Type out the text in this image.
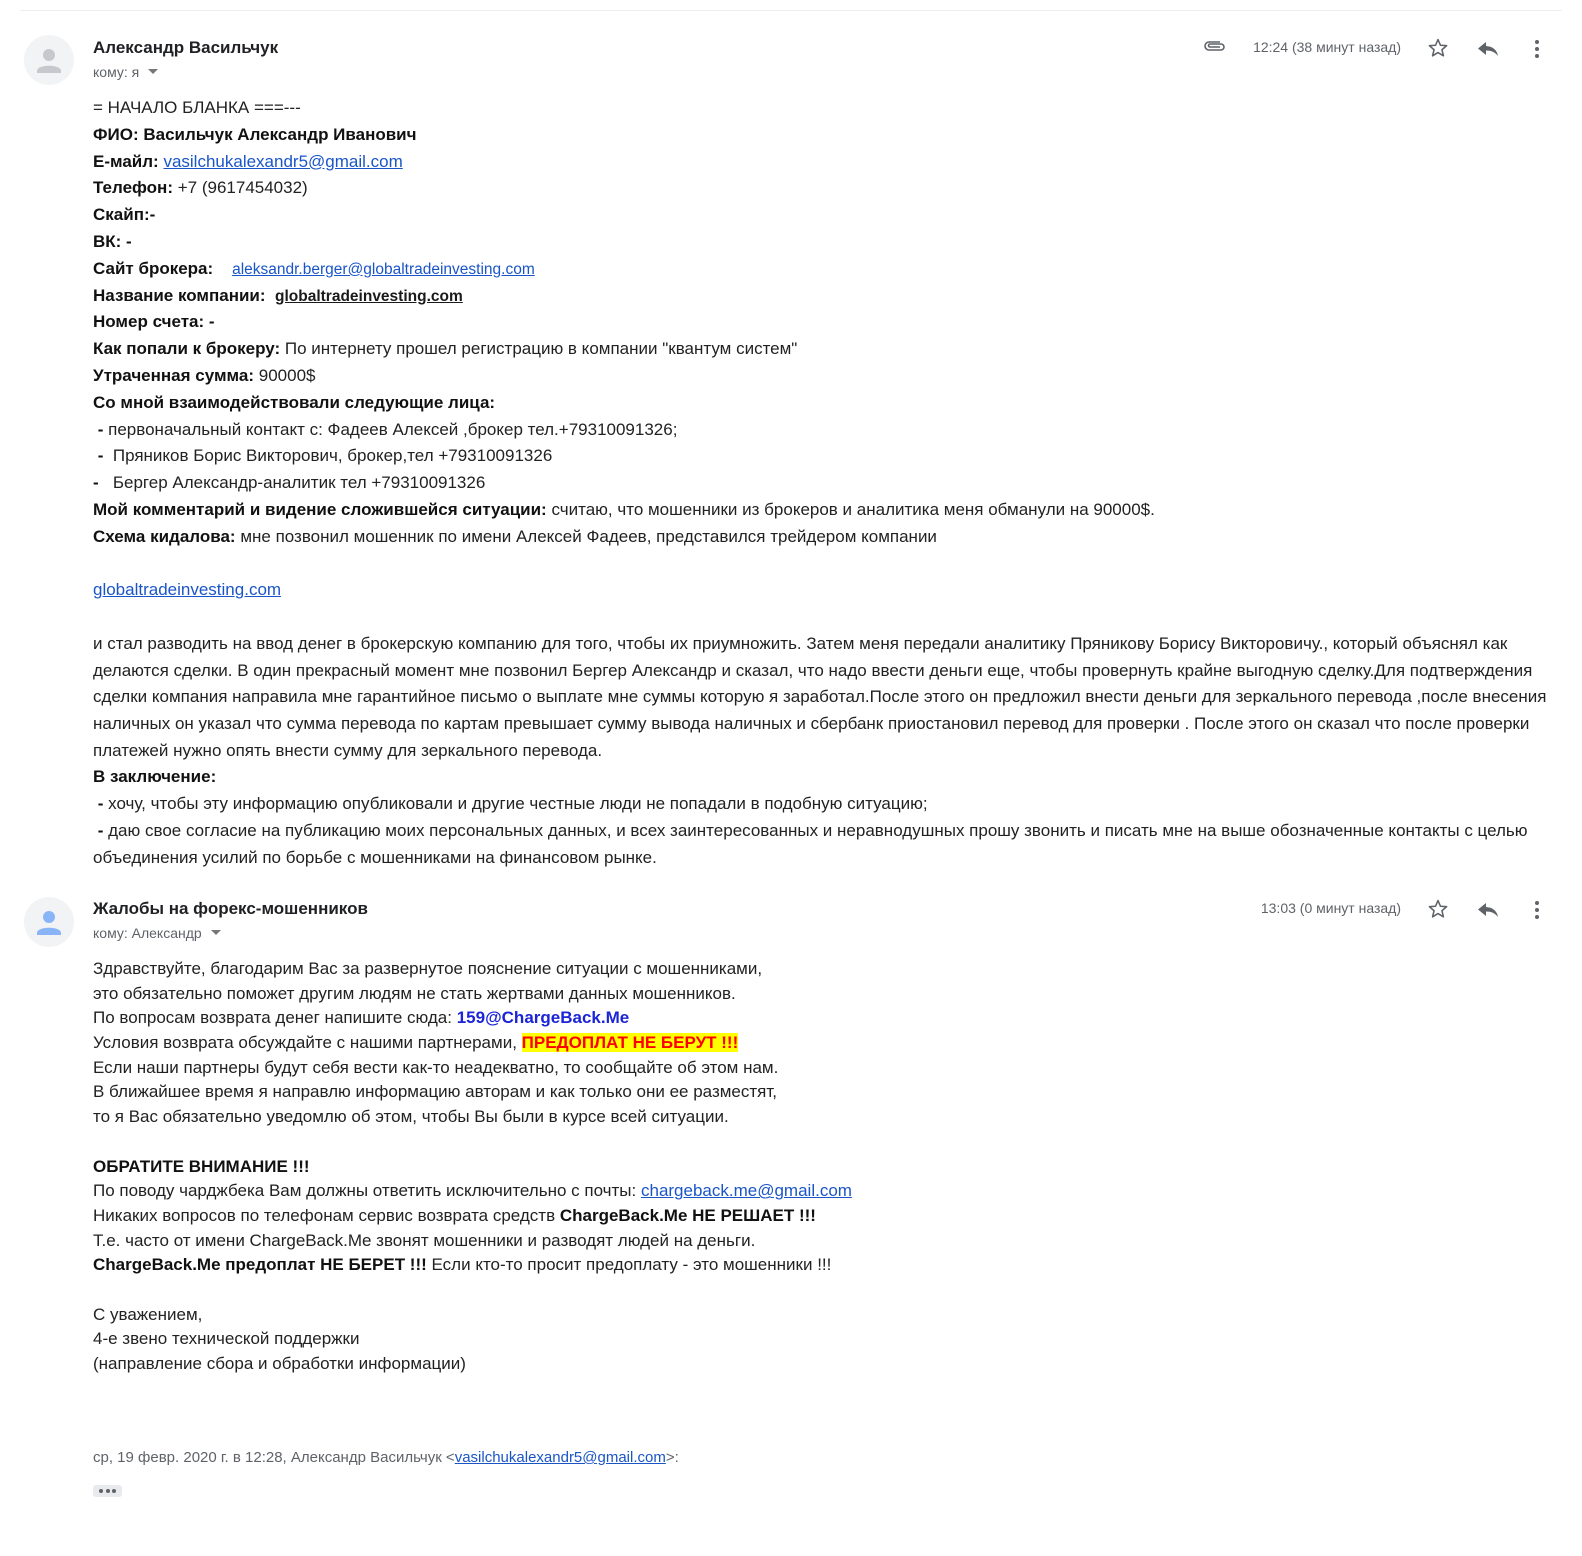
Александр Васильчук
кому: я
12:24 (38 минут назад)
= НАЧАЛО БЛАНКА ===---
ФИО: Васильчук Александр Иванович
Е-майл: vasilchukalexandr5@gmail.com
Телефон: +7 (9617454032)
Скайп:-
ВК: -
Сайт брокера: aleksandr.berger@globaltradeinvesting.com
Название компании: globaltradeinvesting.com
Номер счета: -
Как попали к брокеру: По интернету прошел регистрацию в компании "квантум систем"
Утраченная сумма: 90000$
Со мной взаимодействовали следующие лица:
- первоначальный контакт с: Фадеев Алексей ,брокер тел.+79310091326;
- Пряников Борис Викторович, брокер,тел +79310091326
- Бергер Александр-аналитик тел +79310091326
Мой комментарий и видение сложившейся ситуации: считаю, что мошенники из брокеров и аналитика меня обманули на 90000$.
Схема кидалова: мне позвонил мошенник по имени Алексей Фадеев, представился трейдером компании
globaltradeinvesting.com
и стал разводить на ввод денег в брокерскую компанию для того, чтобы их приумножить. Затем меня передали аналитику Пряникову Борису Викторовичу., который объяснял как делаются сделки. В один прекрасный момент мне позвонил Бергер Александр и сказал, что надо ввести деньги еще, чтобы провернуть крайне выгодную сделку.Для подтверждения сделки компания направила мне гарантийное письмо о выплате мне суммы которую я заработал.После этого он предложил внести деньги для зеркального перевода ,после внесения наличных он указал что сумма перевода по картам превышает сумму вывода наличных и сбербанк приостановил перевод для проверки . После этого он сказал что после проверки платежей нужно опять внести сумму для зеркального перевода.
В заключение:
- хочу, чтобы эту информацию опубликовали и другие честные люди не попадали в подобную ситуацию;
- даю свое согласие на публикацию моих персональных данных, и всех заинтересованных и неравнодушных прошу звонить и писать мне на выше обозначенные контакты с целью объединения усилий по борьбе с мошенниками на финансовом рынке.
Жалобы на форекс-мошенников
кому: Александр
13:03 (0 минут назад)
Здравствуйте, благодарим Вас за развернутое пояснение ситуации с мошенниками,
это обязательно поможет другим людям не стать жертвами данных мошенников.
По вопросам возврата денег напишите сюда: 159@ChargeBack.Me
Условия возврата обсуждайте с нашими партнерами, ПРЕДОПЛАТ НЕ БЕРУТ !!!
Если наши партнеры будут себя вести как-то неадекватно, то сообщайте об этом нам.
В ближайшее время я направлю информацию авторам и как только они ее разместят,
то я Вас обязательно уведомлю об этом, чтобы Вы были в курсе всей ситуации.
ОБРАТИТЕ ВНИМАНИЕ !!!
По поводу чарджбека Вам должны ответить исключительно с почты: chargeback.me@gmail.com
Никаких вопросов по телефонам сервис возврата средств ChargeBack.Me НЕ РЕШАЕТ !!!
Т.е. часто от имени ChargeBack.Me звонят мошенники и разводят людей на деньги.
ChargeBack.Me предоплат НЕ БЕРЕТ !!! Если кто-то просит предоплату - это мошенники !!!
С уважением,
4-е звено технической поддержки
(направление сбора и обработки информации)
ср, 19 февр. 2020 г. в 12:28, Александр Васильчук <vasilchukalexandr5@gmail.com>:
